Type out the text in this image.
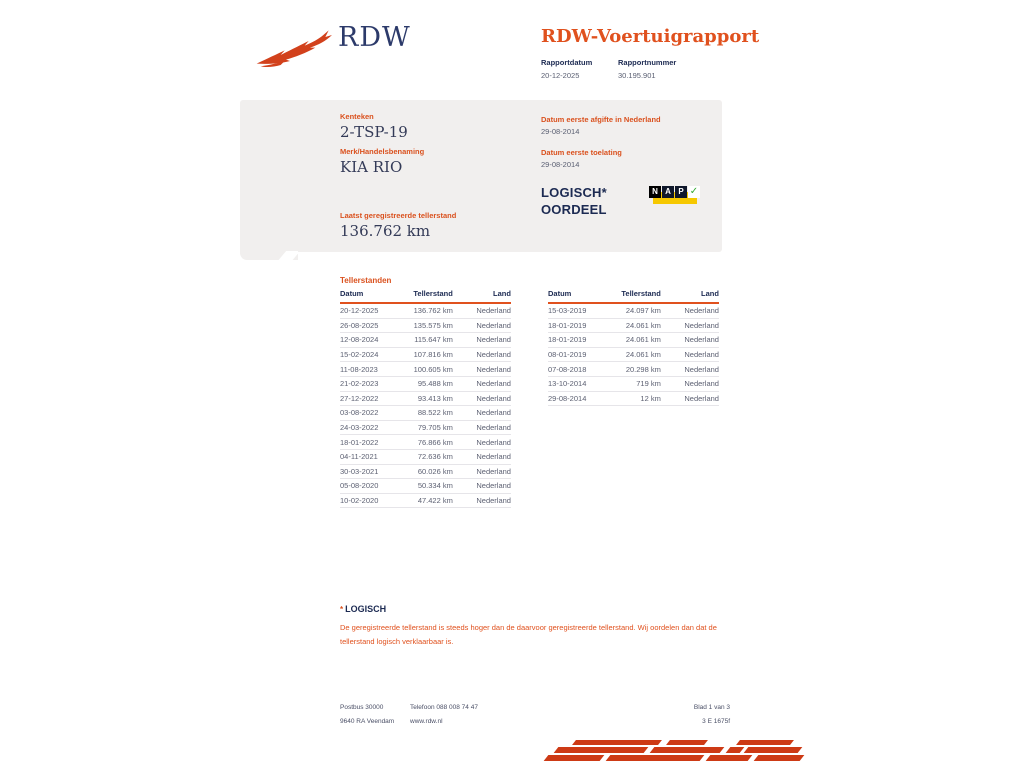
RDW	RDW-Voertuigrapport
Rapportdatum
20-12-2025
Rapportnummer
30.195.901
Kenteken
2-TSP-19
Merk/Handelsbenaming
KIA RIO
Laatst geregistreerde tellerstand
136.762 km
Datum eerste afgifte in Nederland
29-08-2014
Datum eerste toelating
29-08-2014
LOGISCH*
OORDEEL
N A P ✓
Tellerstanden
Datum	Tellerstand	Land
20-12-2025	136.762 km	Nederland
26-08-2025	135.575 km	Nederland
12-08-2024	115.647 km	Nederland
15-02-2024	107.816 km	Nederland
11-08-2023	100.605 km	Nederland
21-02-2023	95.488 km	Nederland
27-12-2022	93.413 km	Nederland
03-08-2022	88.522 km	Nederland
24-03-2022	79.705 km	Nederland
18-01-2022	76.866 km	Nederland
04-11-2021	72.636 km	Nederland
30-03-2021	60.026 km	Nederland
05-08-2020	50.334 km	Nederland
10-02-2020	47.422 km	Nederland
Datum	Tellerstand	Land
15-03-2019	24.097 km	Nederland
18-01-2019	24.061 km	Nederland
18-01-2019	24.061 km	Nederland
08-01-2019	24.061 km	Nederland
07-08-2018	20.298 km	Nederland
13-10-2014	719 km	Nederland
29-08-2014	12 km	Nederland
* LOGISCH
De geregistreerde tellerstand is steeds hoger dan de daarvoor geregistreerde tellerstand. Wij oordelen dan dat de tellerstand logisch verklaarbaar is.
Postbus 30000
9640 RA Veendam
Telefoon 088 008 74 47
www.rdw.nl
Blad 1 van 3
3 E 1675f
